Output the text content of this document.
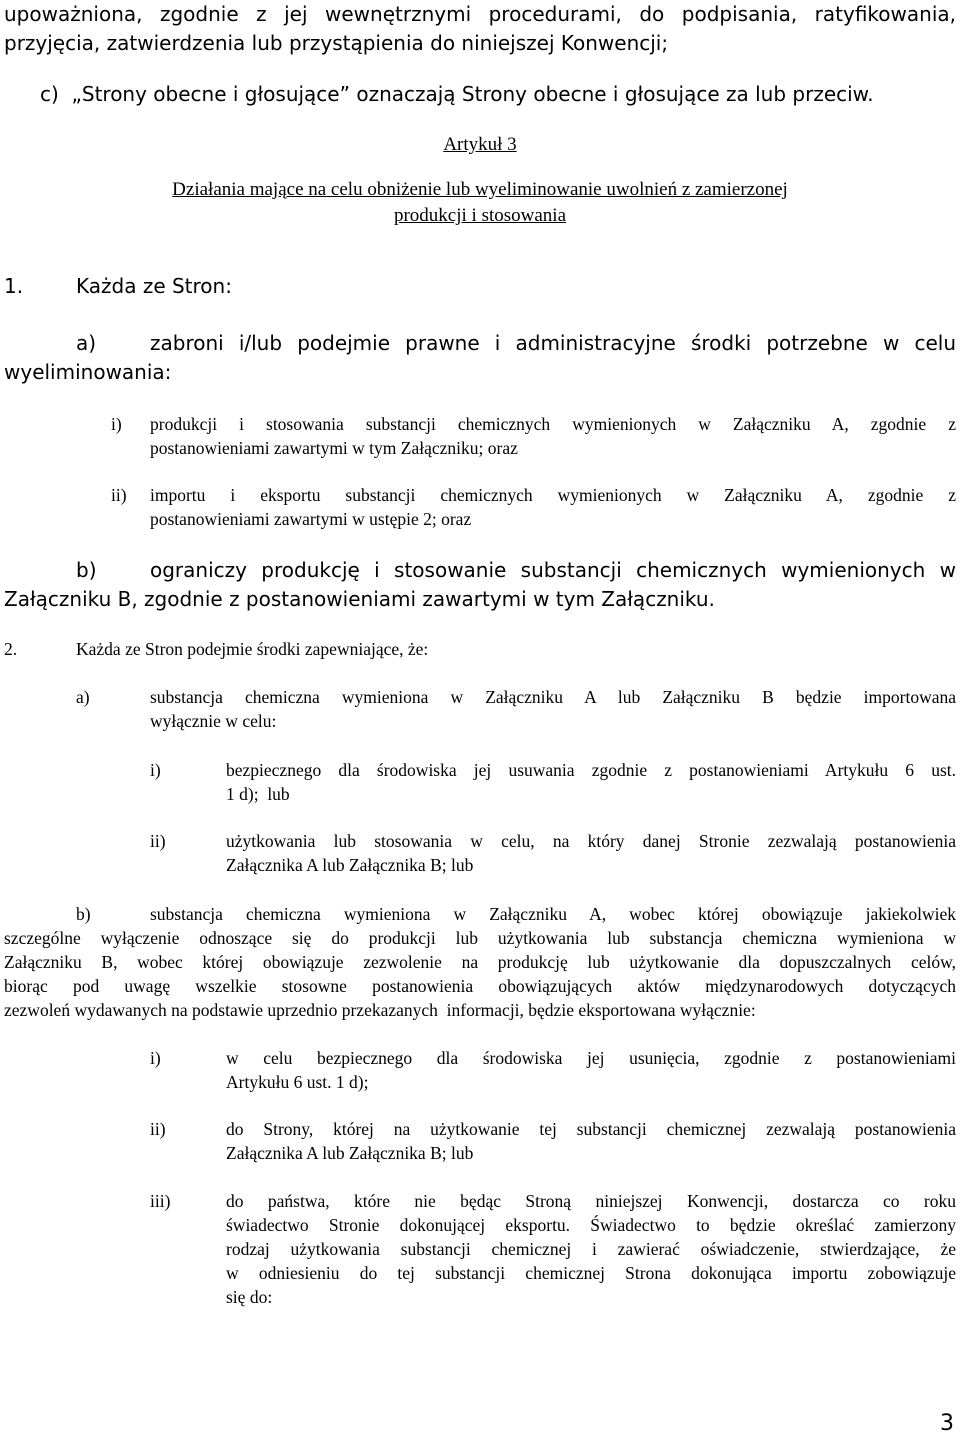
upoważniona, zgodnie z jej wewnętrznymi procedurami, do podpisania, ratyfikowania,
przyjęcia, zatwierdzenia lub przystąpienia do niniejszej Konwencji;
c)  „Strony obecne i głosujące” oznaczają Strony obecne i głosujące za lub przeciw.
Artykuł 3
Działania mające na celu obniżenie lub wyeliminowanie uwolnień z zamierzonej
produkcji i stosowania
1.	Każda ze Stron:
a)	zabroni i/lub podejmie prawne i administracyjne środki potrzebne w celu
wyeliminowania:
i) produkcji i stosowania substancji chemicznych wymienionych w Załączniku A, zgodnie z
postanowieniami zawartymi w tym Załączniku; oraz
ii) importu i eksportu substancji chemicznych wymienionych w Załączniku A, zgodnie z
postanowieniami zawartymi w ustępie 2; oraz
b)	ograniczy produkcję i stosowanie substancji chemicznych wymienionych w
Załączniku B, zgodnie z postanowieniami zawartymi w tym Załączniku.
2.	Każda ze Stron podejmie środki zapewniające, że:
a)	substancja chemiczna wymieniona w Załączniku A lub Załączniku B będzie importowana
wyłącznie w celu:
i)	bezpiecznego dla środowiska jej usuwania zgodnie z postanowieniami Artykułu 6 ust.
1 d);  lub
ii)	użytkowania lub stosowania w celu, na który danej Stronie zezwalają postanowienia
Załącznika A lub Załącznika B; lub
b)	substancja chemiczna wymieniona w Załączniku A, wobec której obowiązuje jakiekolwiek
szczególne wyłączenie odnoszące się do produkcji lub użytkowania lub substancja chemiczna wymieniona w
Załączniku B, wobec której obowiązuje zezwolenie na produkcję lub użytkowanie dla dopuszczalnych celów,
biorąc pod uwagę wszelkie stosowne postanowienia obowiązujących aktów międzynarodowych dotyczących
zezwoleń wydawanych na podstawie uprzednio przekazanych  informacji, będzie eksportowana wyłącznie:
i)	w celu bezpiecznego dla środowiska jej usunięcia, zgodnie z postanowieniami
Artykułu 6 ust. 1 d);
ii)	do Strony, której na użytkowanie tej substancji chemicznej zezwalają postanowienia
Załącznika A lub Załącznika B; lub
iii)	do państwa, które nie będąc Stroną niniejszej Konwencji, dostarcza co roku
świadectwo Stronie dokonującej eksportu. Świadectwo to będzie określać zamierzony
rodzaj użytkowania substancji chemicznej i zawierać oświadczenie, stwierdzające, że
w odniesieniu do tej substancji chemicznej Strona dokonująca importu zobowiązuje
się do:
3
